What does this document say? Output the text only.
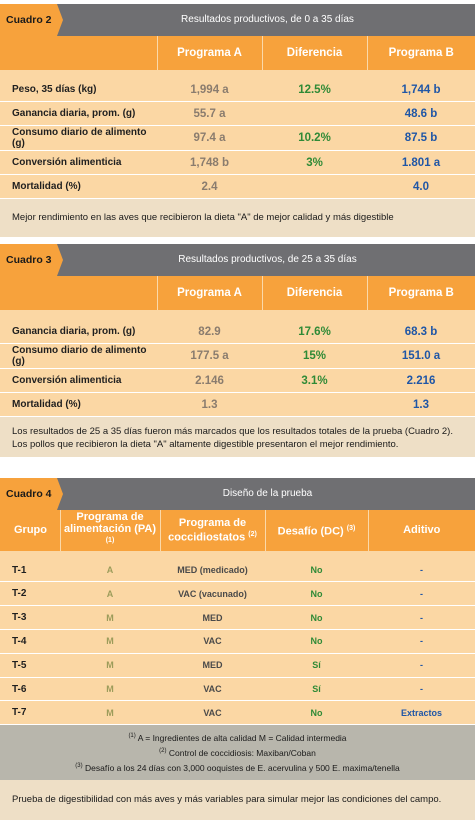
Cuadro 2	Resultados productivos, de 0 a 35 días
	Programa A	Diferencia	Programa B

Peso, 35 días (kg)	1,994 a	12.5%	1,744 b
Ganancia diaria, prom. (g)	55.7 a		48.6 b
Consumo diario de alimento (g)	97.4 a	10.2%	87.5 b
Conversión alimenticia	1,748 b	3%	1.801 a
Mortalidad (%)	2.4		4.0
Mejor rendimiento en las aves que recibieron la dieta "A" de mejor calidad y más digestible
Cuadro 3	Resultados productivos, de 25 a 35 días
	Programa A	Diferencia	Programa B

Ganancia diaria, prom. (g)	82.9	17.6%	68.3 b
Consumo diario de alimento (g)	177.5 a	15%	151.0 a
Conversión alimenticia	2.146	3.1%	2.216
Mortalidad (%)	1.3		1.3
Los resultados de 25 a 35 días fueron más marcados que los resultados totales de la prueba (Cuadro 2).
Los pollos que recibieron la dieta "A" altamente digestible presentaron el mejor rendimiento.
Cuadro 4	Diseño de la prueba
Grupo	Programa de alimentación (PA) $^{(1)}$	Programa de coccidiostatos $^{(2)}$	Desafío (DC) $^{(3)}$	Aditivo

T-1	A	MED (medicado)	No	-
T-2	A	VAC (vacunado)	No	-
T-3	M	MED	No	-
T-4	M	VAC	No	-
T-5	M	MED	Sí	-
T-6	M	VAC	Sí	-
T-7	M	VAC	No	Extractos
$^{(1)}$ A = Ingredientes de alta calidad M = Calidad intermedia
$^{(2)}$ Control de coccidiosis: Maxiban/Coban
$^{(3)}$ Desafío a los 24 días con 3,000 ooquistes de E. acervulina y 500 E. maxima/tenella
Prueba de digestibilidad con más aves y más variables para simular mejor las condiciones del campo.
